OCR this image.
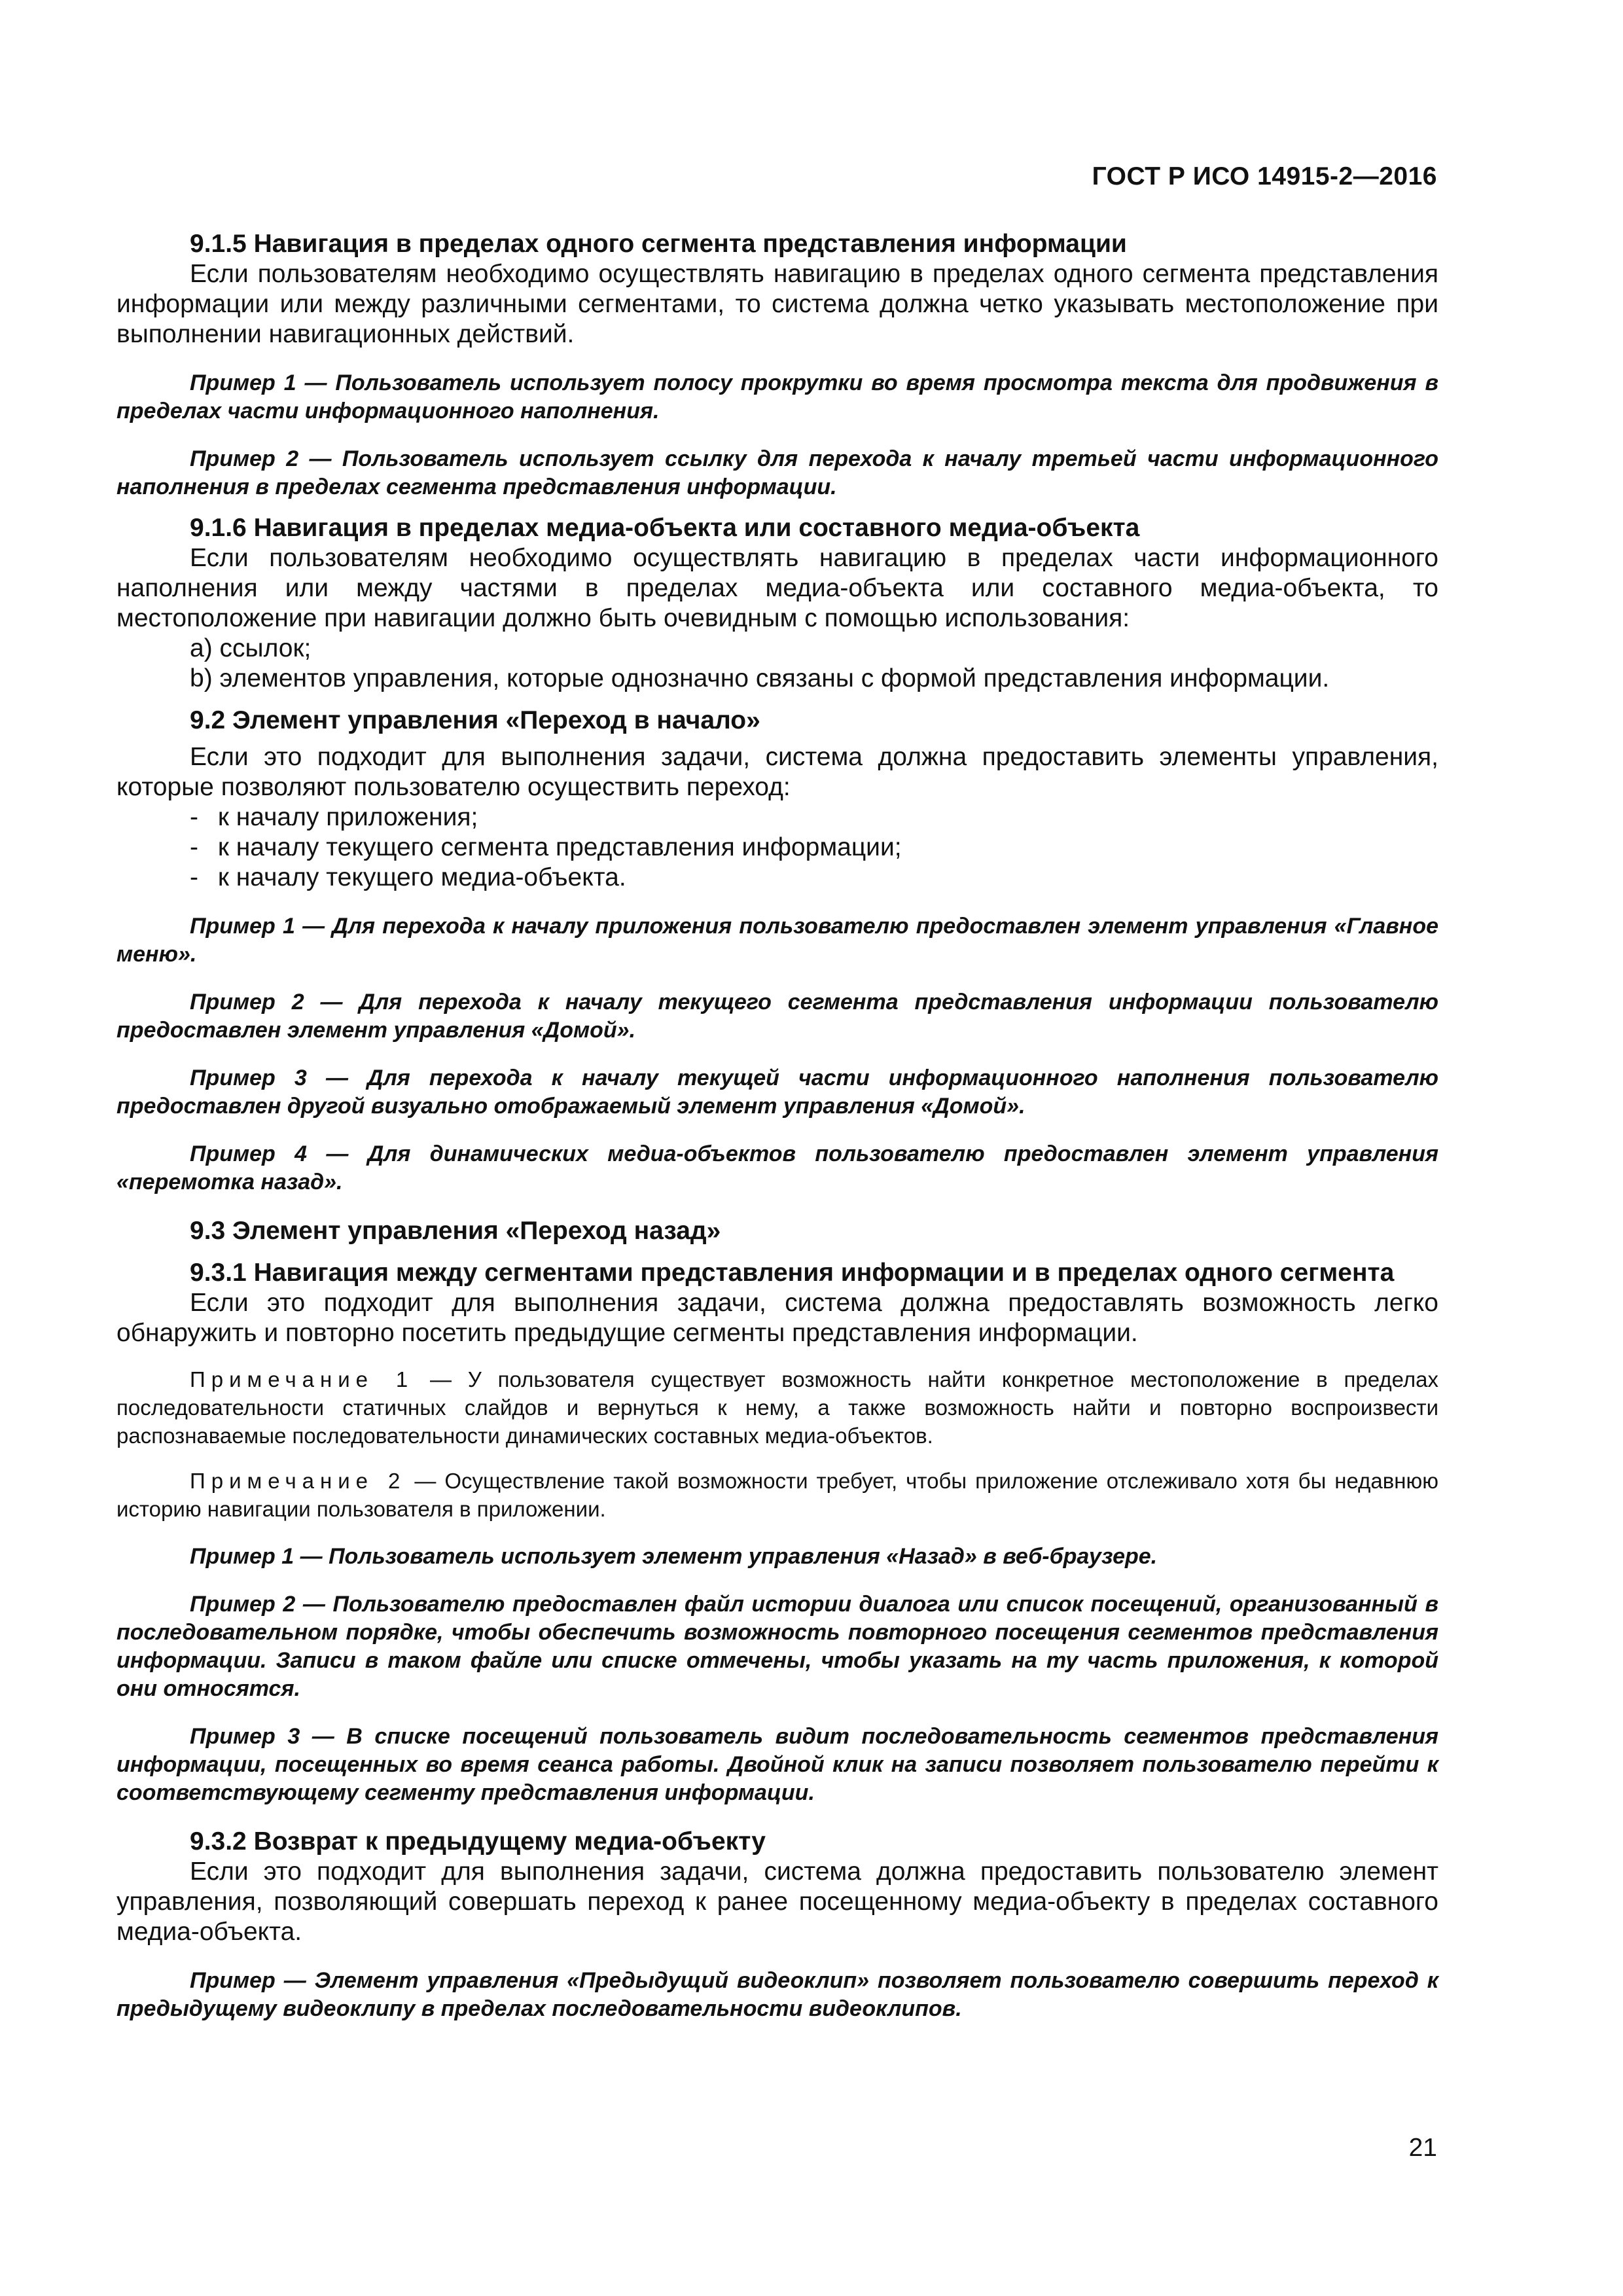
ГОСТ Р ИСО 14915-2—2016

9.1.5 Навигация в пределах одного сегмента представления информации

Если пользователям необходимо осуществлять навигацию в пределах одного сегмента представления информации или между различными сегментами, то система должна четко указывать местоположение при выполнении навигационных действий.

Пример 1 — Пользователь использует полосу прокрутки во время просмотра текста для продвижения в пределах части информационного наполнения.

Пример 2 — Пользователь использует ссылку для перехода к началу третьей части информационного наполнения в пределах сегмента представления информации.

9.1.6 Навигация в пределах медиа-объекта или составного медиа-объекта

Если пользователям необходимо осуществлять навигацию в пределах части информационного наполнения или между частями в пределах медиа-объекта или составного медиа-объекта, то местоположение при навигации должно быть очевидным с помощью использования:

a) ссылок;

b) элементов управления, которые однозначно связаны с формой представления информации.

9.2 Элемент управления «Переход в начало»

Если это подходит для выполнения задачи, система должна предоставить элементы управления, которые позволяют пользователю осуществить переход:

- к началу приложения;

- к началу текущего сегмента представления информации;

- к началу текущего медиа-объекта.

Пример 1 — Для перехода к началу приложения пользователю предоставлен элемент управления «Главное меню».

Пример 2 — Для перехода к началу текущего сегмента представления информации пользователю предоставлен элемент управления «Домой».

Пример 3 — Для перехода к началу текущей части информационного наполнения пользователю предоставлен другой визуально отображаемый элемент управления «Домой».

Пример 4 — Для динамических медиа-объектов пользователю предоставлен элемент управления «перемотка назад».

9.3 Элемент управления «Переход назад»

9.3.1 Навигация между сегментами представления информации и в пределах одного сегмента

Если это подходит для выполнения задачи, система должна предоставлять возможность легко обнаружить и повторно посетить предыдущие сегменты представления информации.

Примечание 1 — У пользователя существует возможность найти конкретное местоположение в пределах последовательности статичных слайдов и вернуться к нему, а также возможность найти и повторно воспроизвести распознаваемые последовательности динамических составных медиа-объектов.

Примечание 2 — Осуществление такой возможности требует, чтобы приложение отслеживало хотя бы недавнюю историю навигации пользователя в приложении.

Пример 1 — Пользователь использует элемент управления «Назад» в веб-браузере.

Пример 2 — Пользователю предоставлен файл истории диалога или список посещений, организованный в последовательном порядке, чтобы обеспечить возможность повторного посещения сегментов представления информации. Записи в таком файле или списке отмечены, чтобы указать на ту часть приложения, к которой они относятся.

Пример 3 — В списке посещений пользователь видит последовательность сегментов представления информации, посещенных во время сеанса работы. Двойной клик на записи позволяет пользователю перейти к соответствующему сегменту представления информации.

9.3.2 Возврат к предыдущему медиа-объекту

Если это подходит для выполнения задачи, система должна предоставить пользователю элемент управления, позволяющий совершать переход к ранее посещенному медиа-объекту в пределах составного медиа-объекта.

Пример — Элемент управления «Предыдущий видеоклип» позволяет пользователю совершить переход к предыдущему видеоклипу в пределах последовательности видеоклипов.

21
